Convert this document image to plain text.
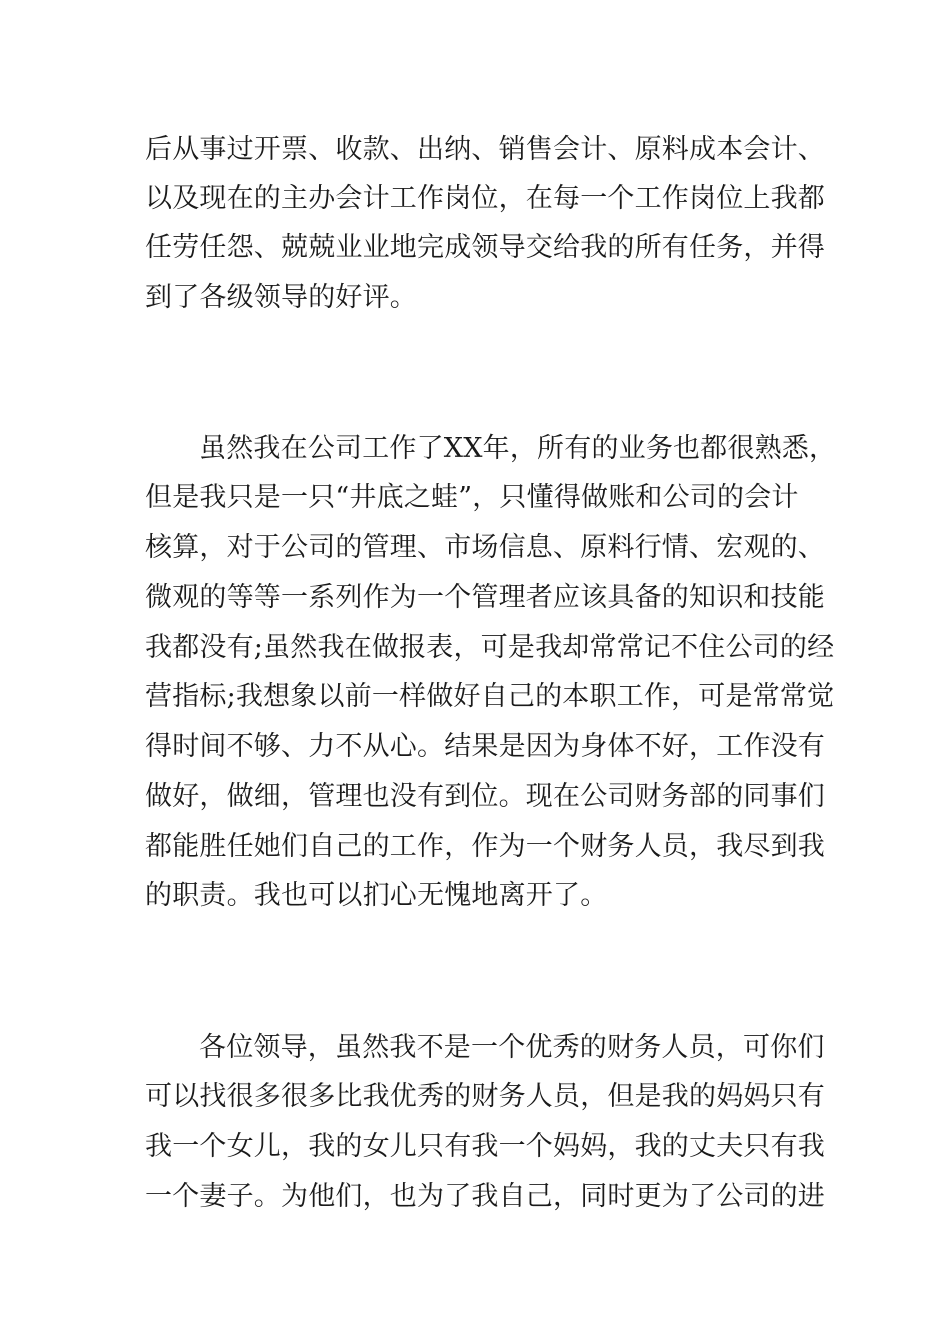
后从事过开票、收款、出纳、销售会计、原料成本会计、
以及现在的主办会计工作岗位，在每一个工作岗位上我都
任劳任怨、兢兢业业地完成领导交给我的所有任务，并得
到了各级领导的好评。
虽然我在公司工作了XX年，所有的业务也都很熟悉，
但是我只是一只“井底之蛙”，只懂得做账和公司的会计
核算，对于公司的管理、市场信息、原料行情、宏观的、
微观的等等一系列作为一个管理者应该具备的知识和技能
我都没有;虽然我在做报表，可是我却常常记不住公司的经
营指标;我想象以前一样做好自己的本职工作，可是常常觉
得时间不够、力不从心。结果是因为身体不好，工作没有
做好，做细，管理也没有到位。现在公司财务部的同事们
都能胜任她们自己的工作，作为一个财务人员，我尽到我
的职责。我也可以扪心无愧地离开了。
各位领导，虽然我不是一个优秀的财务人员，可你们
可以找很多很多比我优秀的财务人员，但是我的妈妈只有
我一个女儿，我的女儿只有我一个妈妈，我的丈夫只有我
一个妻子。为他们，也为了我自己，同时更为了公司的进
